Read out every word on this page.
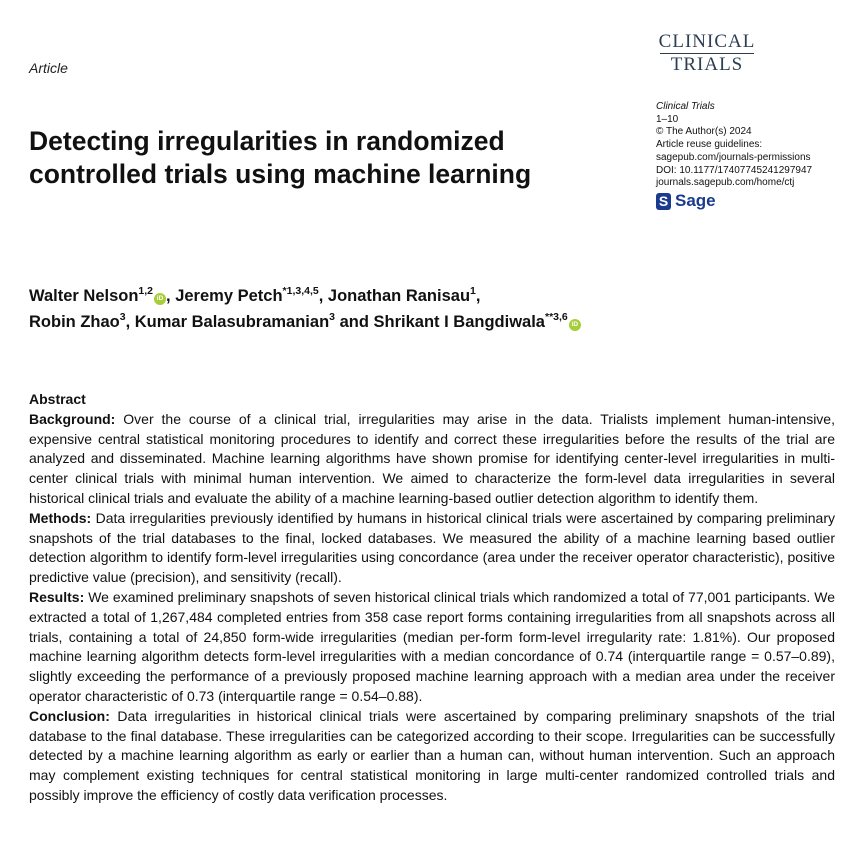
Article
CLINICAL
TRIALS
Clinical Trials
1–10
© The Author(s) 2024
Article reuse guidelines:
sagepub.com/journals-permissions
DOI: 10.1177/17407745241297947
journals.sagepub.com/home/ctj
S Sage
Detecting irregularities in randomized controlled trials using machine learning
Walter Nelson$^{1,2}$iD , Jeremy Petch$^{*1,3,4,5}$, Jonathan Ranisau$^1$,
Robin Zhao$^3$, Kumar Balasubramanian$^3$ and Shrikant I Bangdiwala$^{**3,6}$iD
Abstract

Background: Over the course of a clinical trial, irregularities may arise in the data. Trialists implement human-intensive, expensive central statistical monitoring procedures to identify and correct these irregularities before the results of the trial are analyzed and disseminated. Machine learning algorithms have shown promise for identifying center-level irregularities in multi-center clinical trials with minimal human intervention. We aimed to characterize the form-level data irregularities in several historical clinical trials and evaluate the ability of a machine learning-based outlier detection algorithm to identify them.

Methods: Data irregularities previously identified by humans in historical clinical trials were ascertained by comparing preliminary snapshots of the trial databases to the final, locked databases. We measured the ability of a machine learning based outlier detection algorithm to identify form-level irregularities using concordance (area under the receiver operator characteristic), positive predictive value (precision), and sensitivity (recall).

Results: We examined preliminary snapshots of seven historical clinical trials which randomized a total of 77,001 participants. We extracted a total of 1,267,484 completed entries from 358 case report forms containing irregularities from all snapshots across all trials, containing a total of 24,850 form-wide irregularities (median per-form form-level irregularity rate: 1.81%). Our proposed machine learning algorithm detects form-level irregularities with a median concordance of 0.74 (interquartile range = 0.57–0.89), slightly exceeding the performance of a previously proposed machine learning approach with a median area under the receiver operator characteristic of 0.73 (interquartile range = 0.54–0.88).

Conclusion: Data irregularities in historical clinical trials were ascertained by comparing preliminary snapshots of the trial database to the final database. These irregularities can be categorized according to their scope. Irregularities can be successfully detected by a machine learning algorithm as early or earlier than a human can, without human intervention. Such an approach may complement existing techniques for central statistical monitoring in large multi-center randomized controlled trials and possibly improve the efficiency of costly data verification processes.
